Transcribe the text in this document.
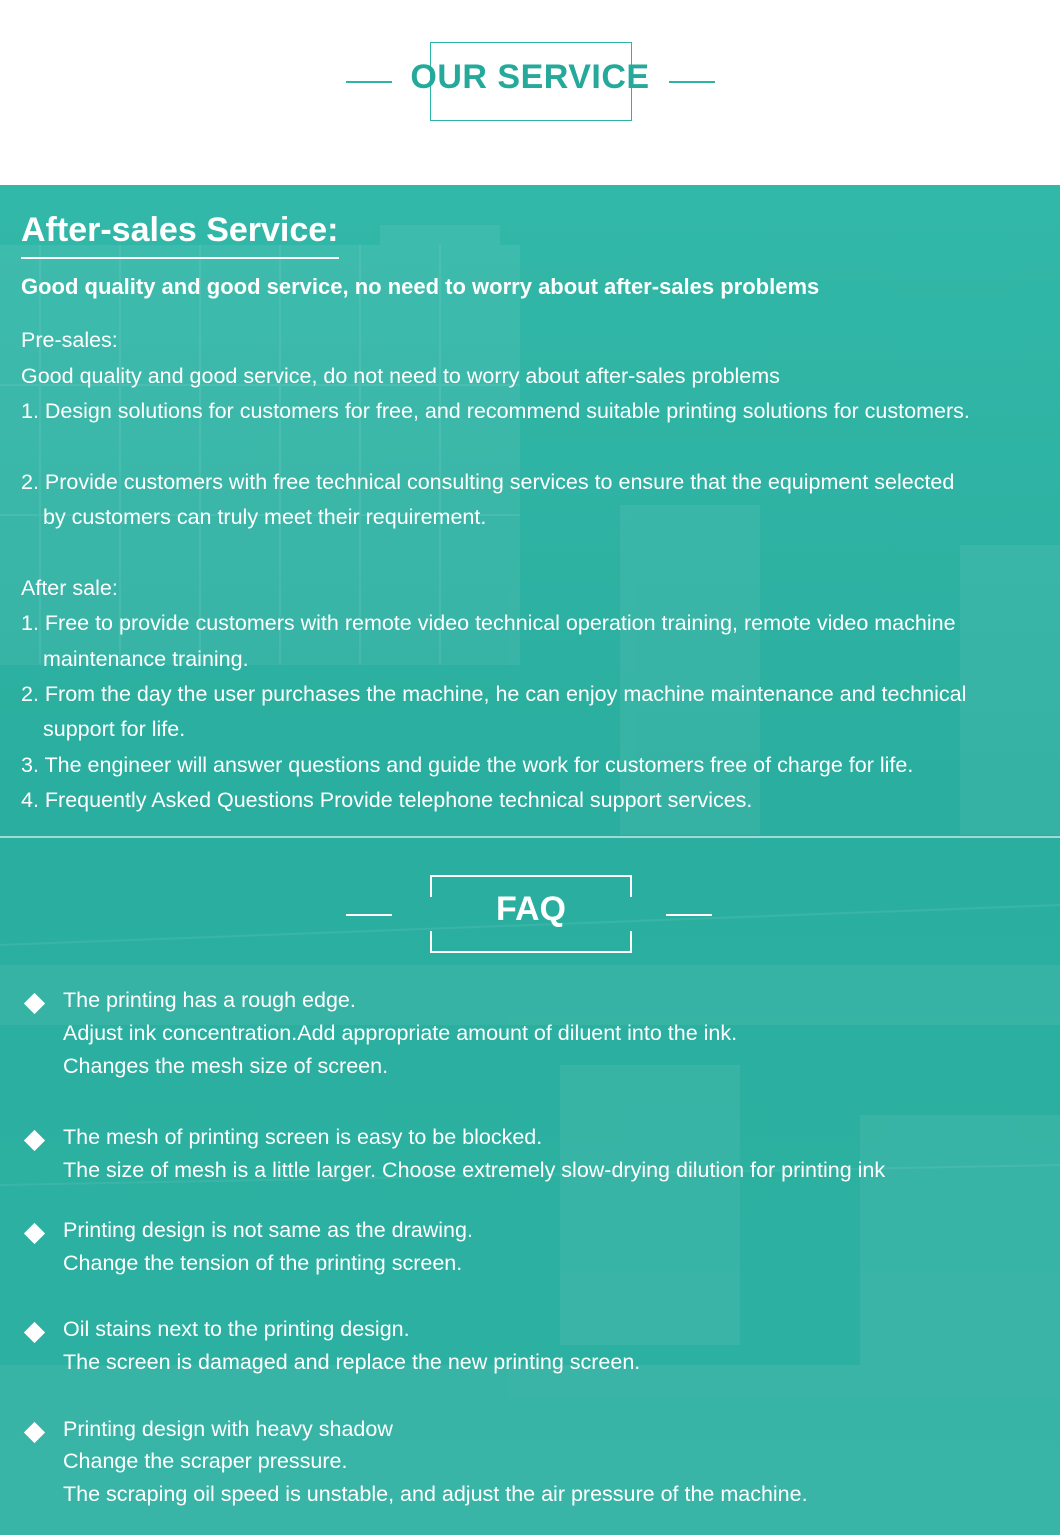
OUR SERVICE
After-sales Service:
Good quality and good service, no need to worry about after-sales problems
Pre-sales:
Good quality and good service, do not need to worry about after-sales problems
1. Design solutions for customers for free, and recommend suitable printing solutions for customers.
2. Provide customers with free technical consulting services to ensure that the equipment selected
by customers can truly meet their requirement.
After sale:
1. Free to provide customers with remote video technical operation training, remote video machine
maintenance training.
2. From the day the user purchases the machine, he can enjoy machine maintenance and technical
support for life.
3. The engineer will answer questions and guide the work for customers free of charge for life.
4. Frequently Asked Questions Provide telephone technical support services.
FAQ
The printing has a rough edge.
Adjust ink concentration.Add appropriate amount of diluent into the ink.
Changes the mesh size of screen.
The mesh of printing screen is easy to be blocked.
The size of mesh is a little larger. Choose extremely slow-drying dilution for printing ink
Printing design is not same as the drawing.
Change the tension of the printing screen.
Oil stains next to the printing design.
The screen is damaged and replace the new printing screen.
Printing design with heavy shadow
Change the scraper pressure.
The scraping oil speed is unstable, and adjust the air pressure of the machine.
